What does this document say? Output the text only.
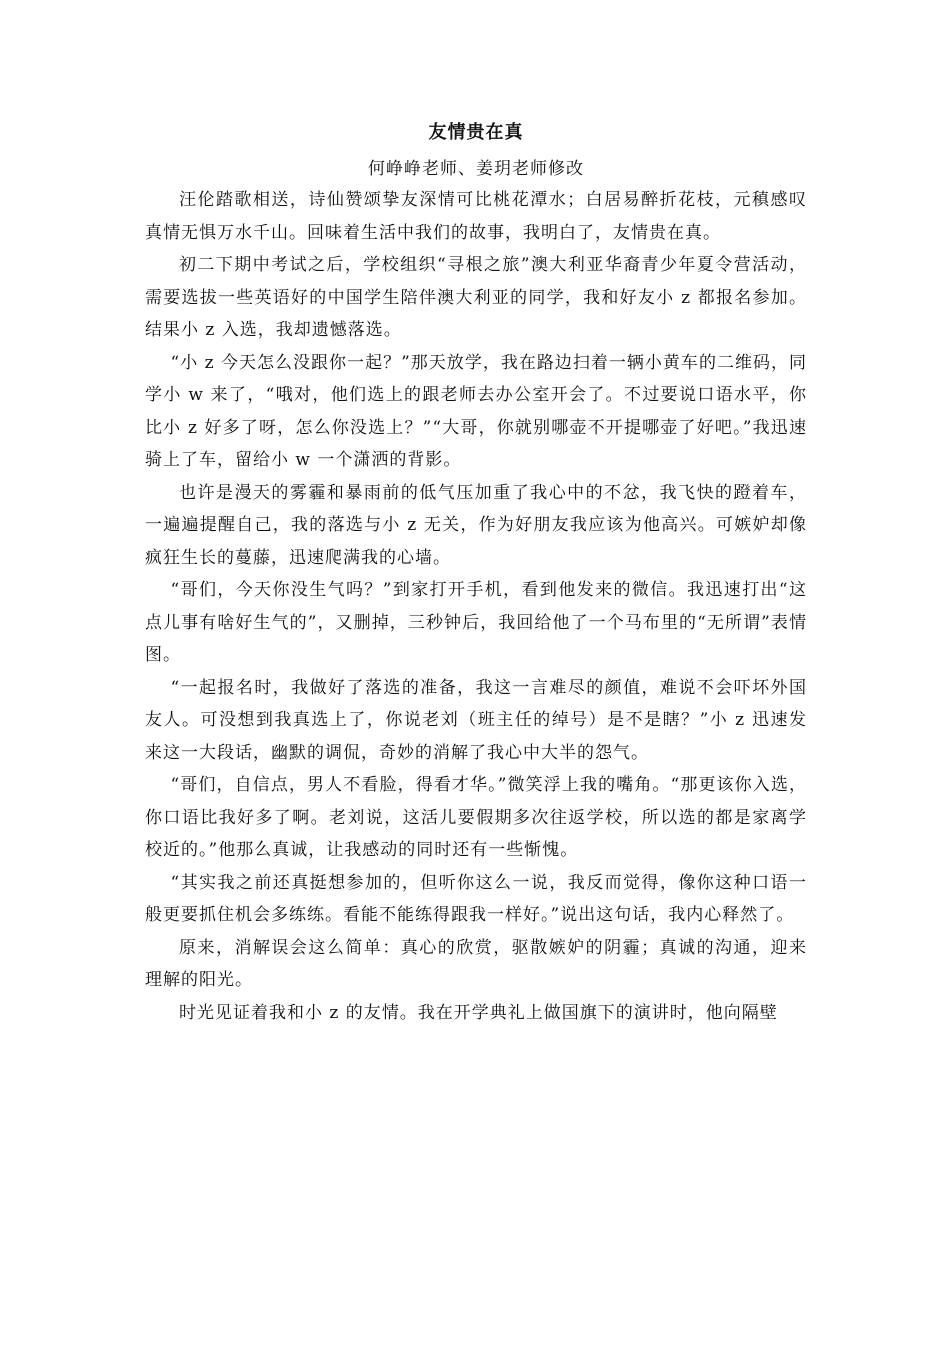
友情贵在真
何峥峥老师、姜玥老师修改

汪伦踏歌相送，诗仙赞颂挚友深情可比桃花潭水；白居易醉折花枝，元稹感叹真情无惧万水千山。回味着生活中我们的故事，我明白了，友情贵在真。

初二下期中考试之后，学校组织“寻根之旅”澳大利亚华裔青少年夏令营活动，需要选拔一些英语好的中国学生陪伴澳大利亚的同学，我和好友小 z 都报名参加。结果小 z 入选，我却遗憾落选。

“小 z 今天怎么没跟你一起？”那天放学，我在路边扫着一辆小黄车的二维码，同学小 w 来了，“哦对，他们选上的跟老师去办公室开会了。不过要说口语水平，你比小 z 好多了呀，怎么你没选上？”“大哥，你就别哪壶不开提哪壶了好吧。”我迅速骑上了车，留给小 w 一个潇洒的背影。

也许是漫天的雾霾和暴雨前的低气压加重了我心中的不忿，我飞快的蹬着车，一遍遍提醒自己，我的落选与小 z 无关，作为好朋友我应该为他高兴。可嫉妒却像疯狂生长的蔓藤，迅速爬满我的心墙。

“哥们，今天你没生气吗？”到家打开手机，看到他发来的微信。我迅速打出“这点儿事有啥好生气的”，又删掉，三秒钟后，我回给他了一个马布里的“无所谓”表情图。

“一起报名时，我做好了落选的准备，我这一言难尽的颜值，难说不会吓坏外国友人。可没想到我真选上了，你说老刘（班主任的绰号）是不是瞎？”小 z 迅速发来这一大段话，幽默的调侃，奇妙的消解了我心中大半的怨气。

“哥们，自信点，男人不看脸，得看才华。”微笑浮上我的嘴角。“那更该你入选，你口语比我好多了啊。老刘说，这活儿要假期多次往返学校，所以选的都是家离学校近的。”他那么真诚，让我感动的同时还有一些惭愧。

“其实我之前还真挺想参加的，但听你这么一说，我反而觉得，像你这种口语一般更要抓住机会多练练。看能不能练得跟我一样好。”说出这句话，我内心释然了。

原来，消解误会这么简单：真心的欣赏，驱散嫉妒的阴霾；真诚的沟通，迎来理解的阳光。

时光见证着我和小 z 的友情。我在开学典礼上做国旗下的演讲时，他向隔壁
